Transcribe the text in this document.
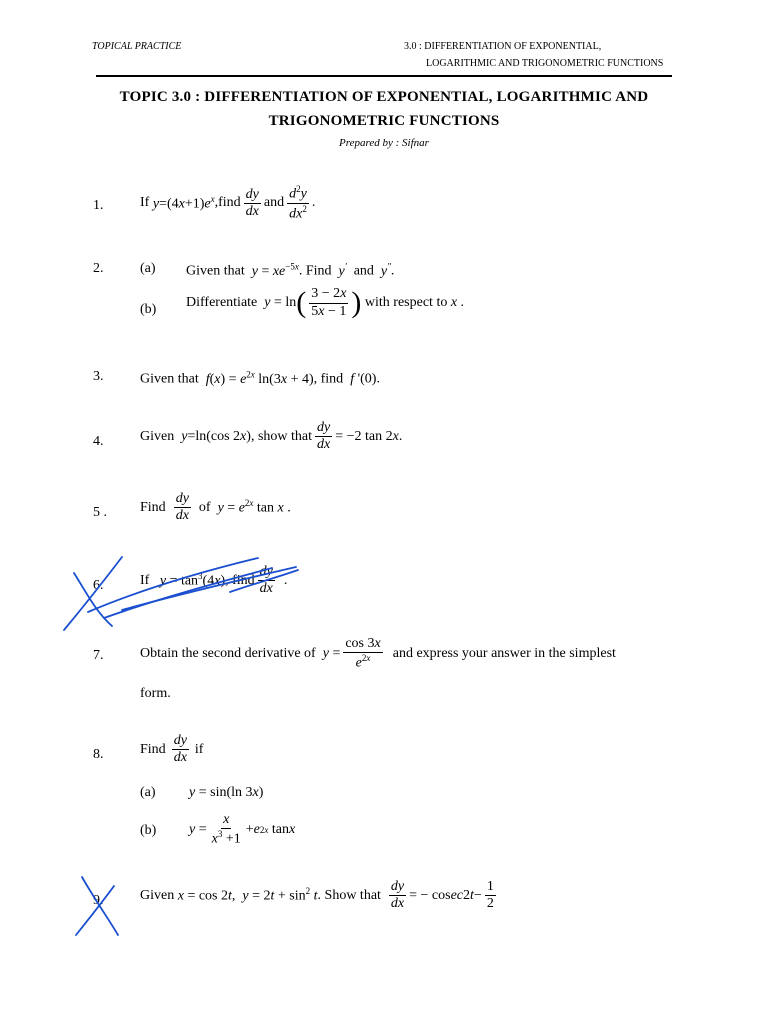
TOPICAL PRACTICE	3.0 : DIFFERENTIATION OF EXPONENTIAL,
LOGARITHMIC AND TRIGONOMETRIC FUNCTIONS
TOPIC 3.0 : DIFFERENTIATION OF EXPONENTIAL, LOGARITHMIC AND
TRIGONOMETRIC FUNCTIONS
Prepared by : Sifnar
1.	If $y=(4x+1)e^x$ ,find $\frac{dy}{dx}$ and $\frac{d^2y}{dx^2}$ .
2.	(a) Given that $y = xe^{-5x}$. Find  y' and  y".
(b) Differentiate
y = ln ( $\frac{3 - 2x}{5x - 1}$ )
with respect to x .
3.	Given that $f(x) = e^{2x}$ ln(3x + 4), find f '(0).
4.	Given y=ln(cos 2x) , show that $\frac{dy}{dx} = -2$ tan 2x.
5 . Find $\frac{dy}{dx}$ of $y = e^{2x}$ tan x .
6.	If $y = \tan^3(4x)$ , find $\frac{dy}{dx}$ .
7.	Obtain the second derivative of
$y = \frac{\cos 3x}{e^{2x}}$
and express your answer in the simplest
form.
8.	Find $\frac{dy}{dx}$ if
(a) y = sin(ln 3x)
(b) $y = \frac{x}{x^3 +1} + e$ 2x tan x
9.	Given x = cos 2t,  $y = 2t + \sin^2 t$ . Show that $\frac{dy}{dx}$ = − cos ec 2 $t - \frac{1}{2}$
